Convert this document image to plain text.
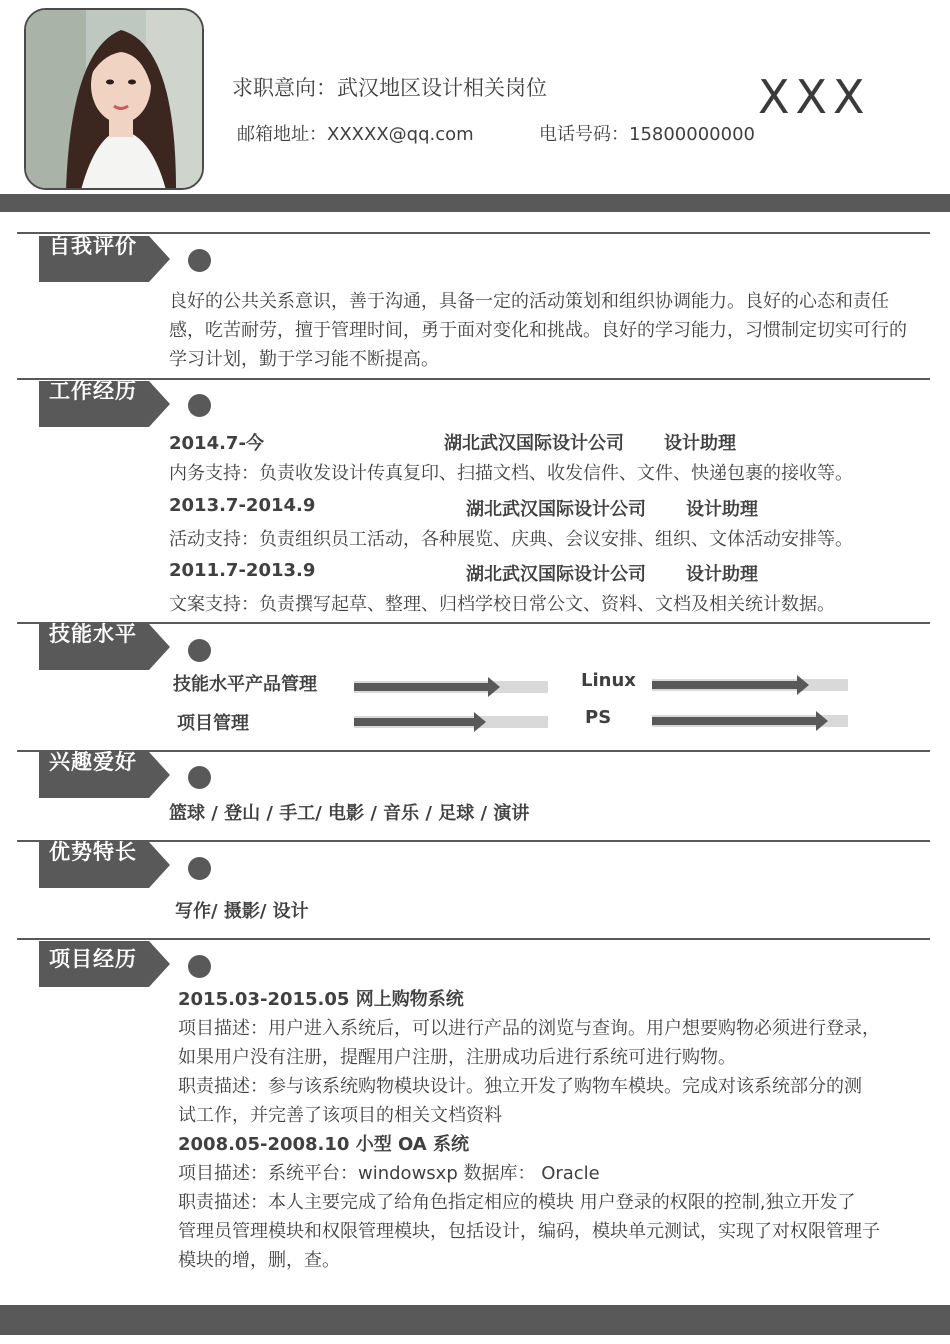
求职意向：武汉地区设计相关岗位	XXX
邮箱地址：XXXXX@qq.com	电话号码：15800000000
自我评价
良好的公共关系意识，善于沟通，具备一定的活动策划和组织协调能力。良好的心态和责任感，吃苦耐劳，擅于管理时间，勇于面对变化和挑战。良好的学习能力，习惯制定切实可行的学习计划，勤于学习能不断提高。
工作经历
2014.7-今	湖北武汉国际设计公司 设计助理
内务支持：负责收发设计传真复印、扫描文档、收发信件、文件、快递包裹的接收等。
2013.7-2014.9	湖北武汉国际设计公司 设计助理
活动支持：负责组织员工活动，各种展览、庆典、会议安排、组织、文体活动安排等。
2011.7-2013.9	湖北武汉国际设计公司 设计助理
文案支持：负责撰写起草、整理、归档学校日常公文、资料、文档及相关统计数据。
技能水平
技能水平产品管理	Linux
项目管理	PS
兴趣爱好
篮球 / 登山 / 手工/ 电影 / 音乐 / 足球 / 演讲
优势特长
写作/ 摄影/ 设计
项目经历
2015.03-2015.05 网上购物系统
项目描述：用户进入系统后，可以进行产品的浏览与查询。用户想要购物必须进行登录，
如果用户没有注册，提醒用户注册，注册成功后进行系统可进行购物。
职责描述：参与该系统购物模块设计。独立开发了购物车模块。完成对该系统部分的测
试工作，并完善了该项目的相关文档资料
2008.05-2008.10 小型 OA 系统
项目描述：系统平台：windowsxp 数据库： Oracle
职责描述：本人主要完成了给角色指定相应的模块 用户登录的权限的控制,独立开发了
管理员管理模块和权限管理模块，包括设计，编码，模块单元测试，实现了对权限管理子
模块的增，删，查。
